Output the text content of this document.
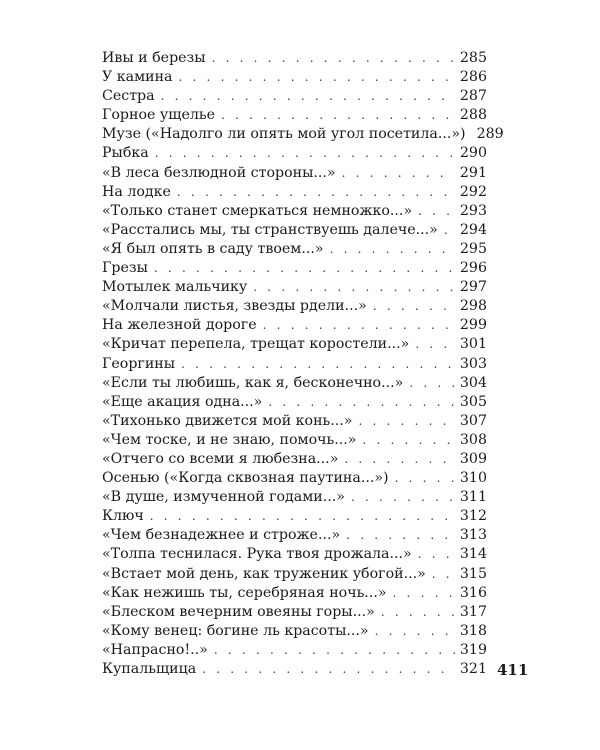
Ивы и березы . . .	285
У камина . . .	286
Сестра . . .	287
Горное ущелье . . .	288
Музе («Надолго ли опять мой угол посетила...») 289
Рыбка . . .	290
«В леса безлюдной стороны...» . . .	291
На лодке . . .	292
«Только станет смеркаться немножко...» . . .	293
«Расстались мы, ты странствуешь далече...» . . .	294
«Я был опять в саду твоем...» . . .	295
Грезы . . .	296
Мотылек мальчику . . .	297
«Молчали листья, звезды рдели...» . . .	298
На железной дороге . . .	299
«Кричат перепела, трещат коростели...» . . .	301
Георгины . . .	303
«Если ты любишь, как я, бесконечно...» . . .	304
«Еще акация одна...» . . .	305
«Тихонько движется мой конь...» . . .	307
«Чем тоске, и не знаю, помочь...» . . .	308
«Отчего со всеми я любезна...» . . .	309
Осенью («Когда сквозная паутина...») . . .	310
«В душе, измученной годами...» . . .	311
Ключ . . .	312
«Чем безнадежнее и строже...» . . .	313
«Толпа теснилася. Рука твоя дрожала...» . . .	314
«Встает мой день, как труженик убогой...» . . .	315
«Как нежишь ты, серебряная ночь...» . . .	316
«Блеском вечерним овеяны горы...» . . .	317
«Кому венец: богине ль красоты...» . . .	318
«Напрасно!..» . . .	319
Купальщица . . .	321 411
